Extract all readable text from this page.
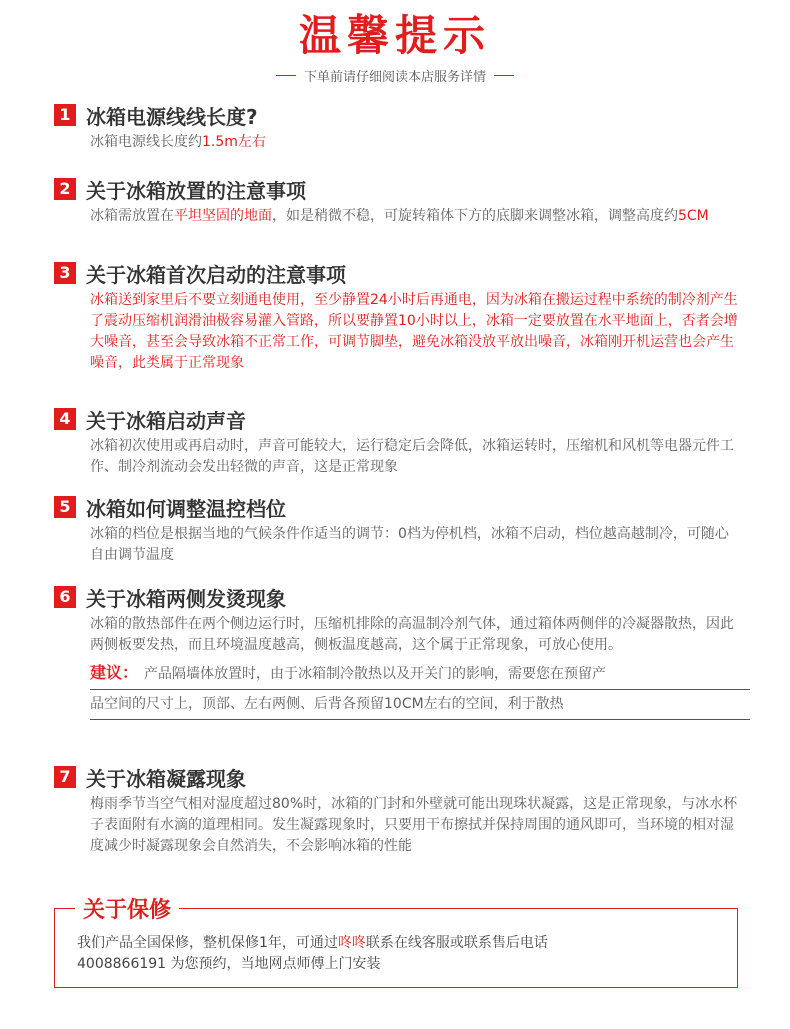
温馨提示
下单前请仔细阅读本店服务详情
1 冰箱电源线线长度?
冰箱电源线长度约1.5m左右
2 关于冰箱放置的注意事项
冰箱需放置在平坦坚固的地面，如是稍微不稳，可旋转箱体下方的底脚来调整冰箱，调整高度约5CM
3 关于冰箱首次启动的注意事项
冰箱送到家里后不要立刻通电使用，至少静置24小时后再通电，因为冰箱在搬运过程中系统的制冷剂产生了震动压缩机润滑油极容易灌入管路，所以要静置10小时以上，冰箱一定要放置在水平地面上，否者会增大噪音，甚至会导致冰箱不正常工作，可调节脚垫，避免冰箱没放平放出噪音，冰箱刚开机运营也会产生噪音，此类属于正常现象
4 关于冰箱启动声音
冰箱初次使用或再启动时，声音可能较大，运行稳定后会降低，冰箱运转时，压缩机和风机等电器元件工作、制冷剂流动会发出轻微的声音，这是正常现象
5 冰箱如何调整温控档位
冰箱的档位是根据当地的气候条件作适当的调节：0档为停机档，冰箱不启动，档位越高越制冷，可随心自由调节温度
6 关于冰箱两侧发烫现象
冰箱的散热部件在两个侧边运行时，压缩机排除的高温制冷剂气体，通过箱体两侧伴的冷凝器散热，因此两侧板要发热，而且环境温度越高，侧板温度越高，这个属于正常现象，可放心使用。
建议： 产品隔墙体放置时，由于冰箱制冷散热以及开关门的影响，需要您在预留产
品空间的尺寸上，顶部、左右两侧、后背各预留10CM左右的空间，利于散热
7 关于冰箱凝露现象
梅雨季节当空气相对湿度超过80%时，冰箱的门封和外壁就可能出现珠状凝露，这是正常现象，与冰水杯子表面附有水滴的道理相同。发生凝露现象时，只要用干布擦拭并保持周围的通风即可，当环境的相对湿度减少时凝露现象会自然消失，不会影响冰箱的性能
关于保修
我们产品全国保修，整机保修1年，可通过咚咚联系在线客服或联系售后电话
4008866191 为您预约，当地网点师傅上门安装
